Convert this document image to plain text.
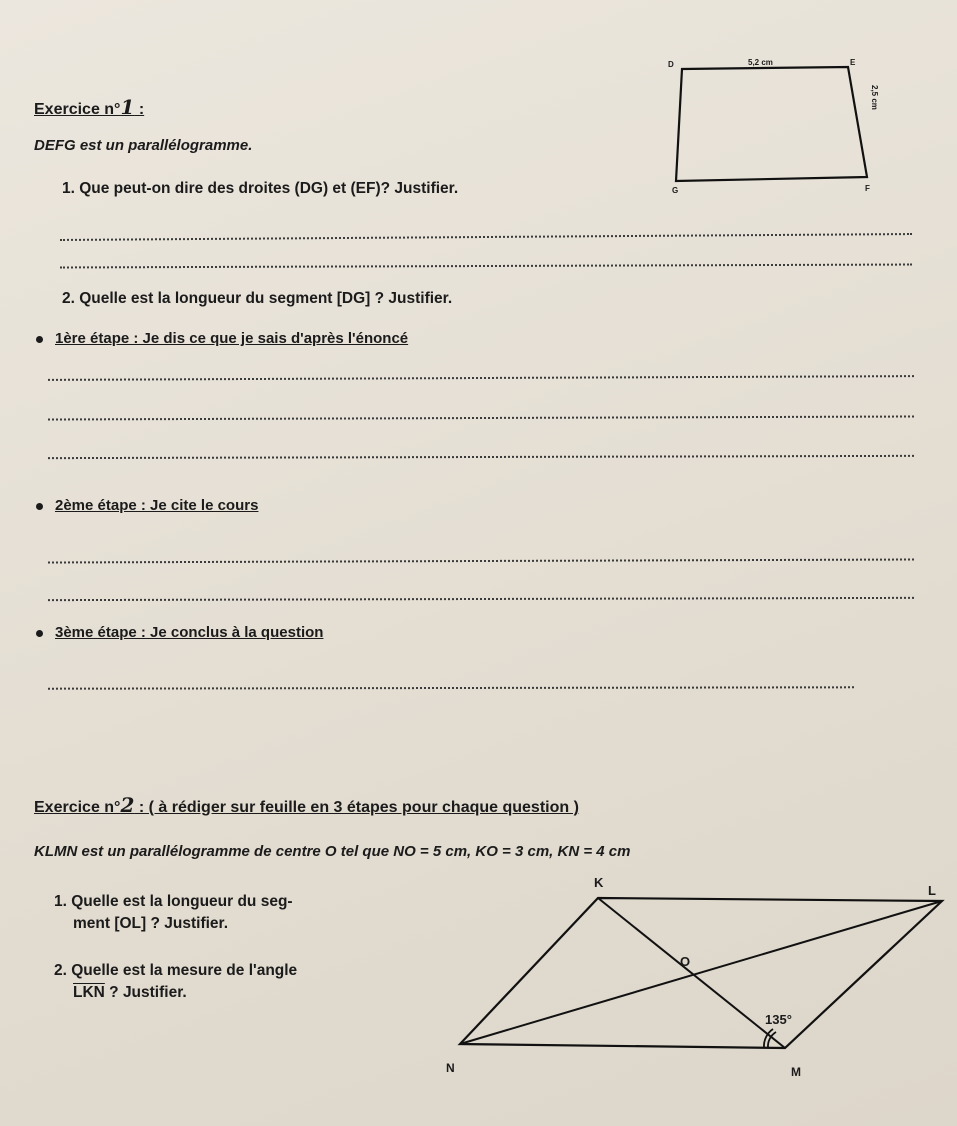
Exercice n°1 :
DEFG est un parallélogramme.
D	E
F
G
5,2 cm
2,5 cm
1. Que peut-on dire des droites (DG) et (EF)? Justifier.
2. Quelle est la longueur du segment [DG] ? Justifier.
1ère étape : Je dis ce que je sais d'après l'énoncé
2ème étape : Je cite le cours
3ème étape : Je conclus à la question
Exercice n°2 : ( à rédiger sur feuille en 3 étapes pour chaque question )
KLMN est un parallélogramme de centre O tel que NO = 5 cm, KO = 3 cm, KN = 4 cm
1. Quelle est la longueur du seg-
ment [OL] ? Justifier.
2. Quelle est la mesure de l'angle
$\overline{LKN}$ ? Justifier.
K
L
M
N
O
135°
